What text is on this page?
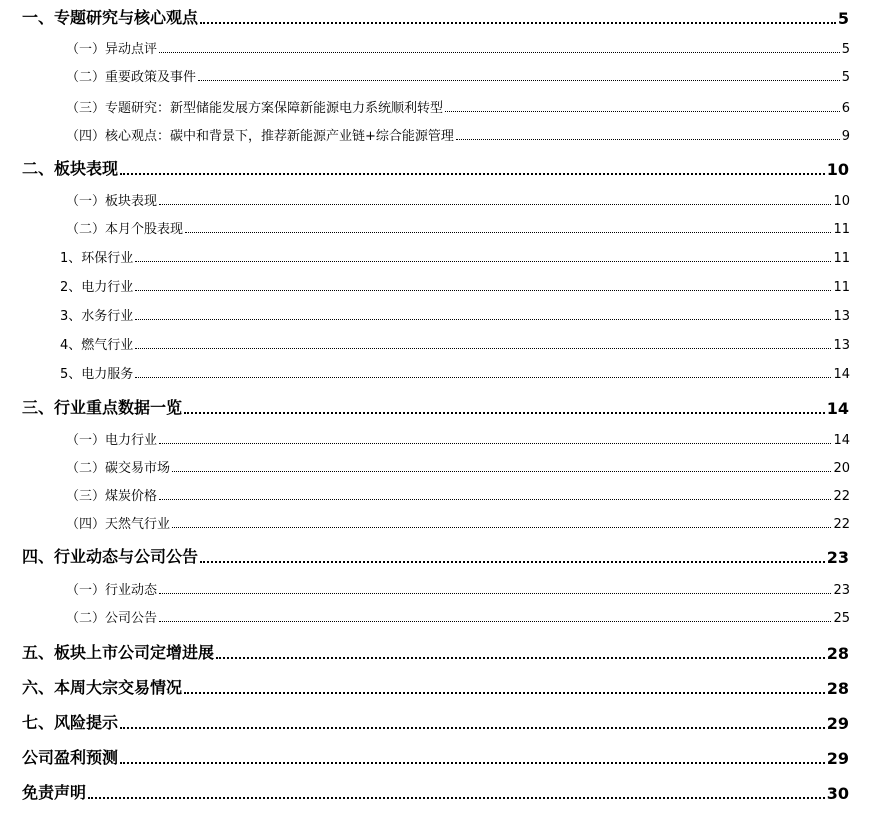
一、专题研究与核心观点	5
（一）异动点评	5
（二）重要政策及事件	5
（三）专题研究：新型储能发展方案保障新能源电力系统顺利转型	6
（四）核心观点：碳中和背景下，推荐新能源产业链+综合能源管理	9
二、板块表现	10
（一）板块表现	10
（二）本月个股表现	11
1、环保行业	11
2、电力行业	11
3、水务行业	13
4、燃气行业	13
5、电力服务	14
三、行业重点数据一览	14
（一）电力行业	14
（二）碳交易市场	20
（三）煤炭价格	22
（四）天然气行业	22
四、行业动态与公司公告	23
（一）行业动态	23
（二）公司公告	25
五、板块上市公司定增进展	28
六、本周大宗交易情况	28
七、风险提示	29
公司盈利预测	29
免责声明	30
